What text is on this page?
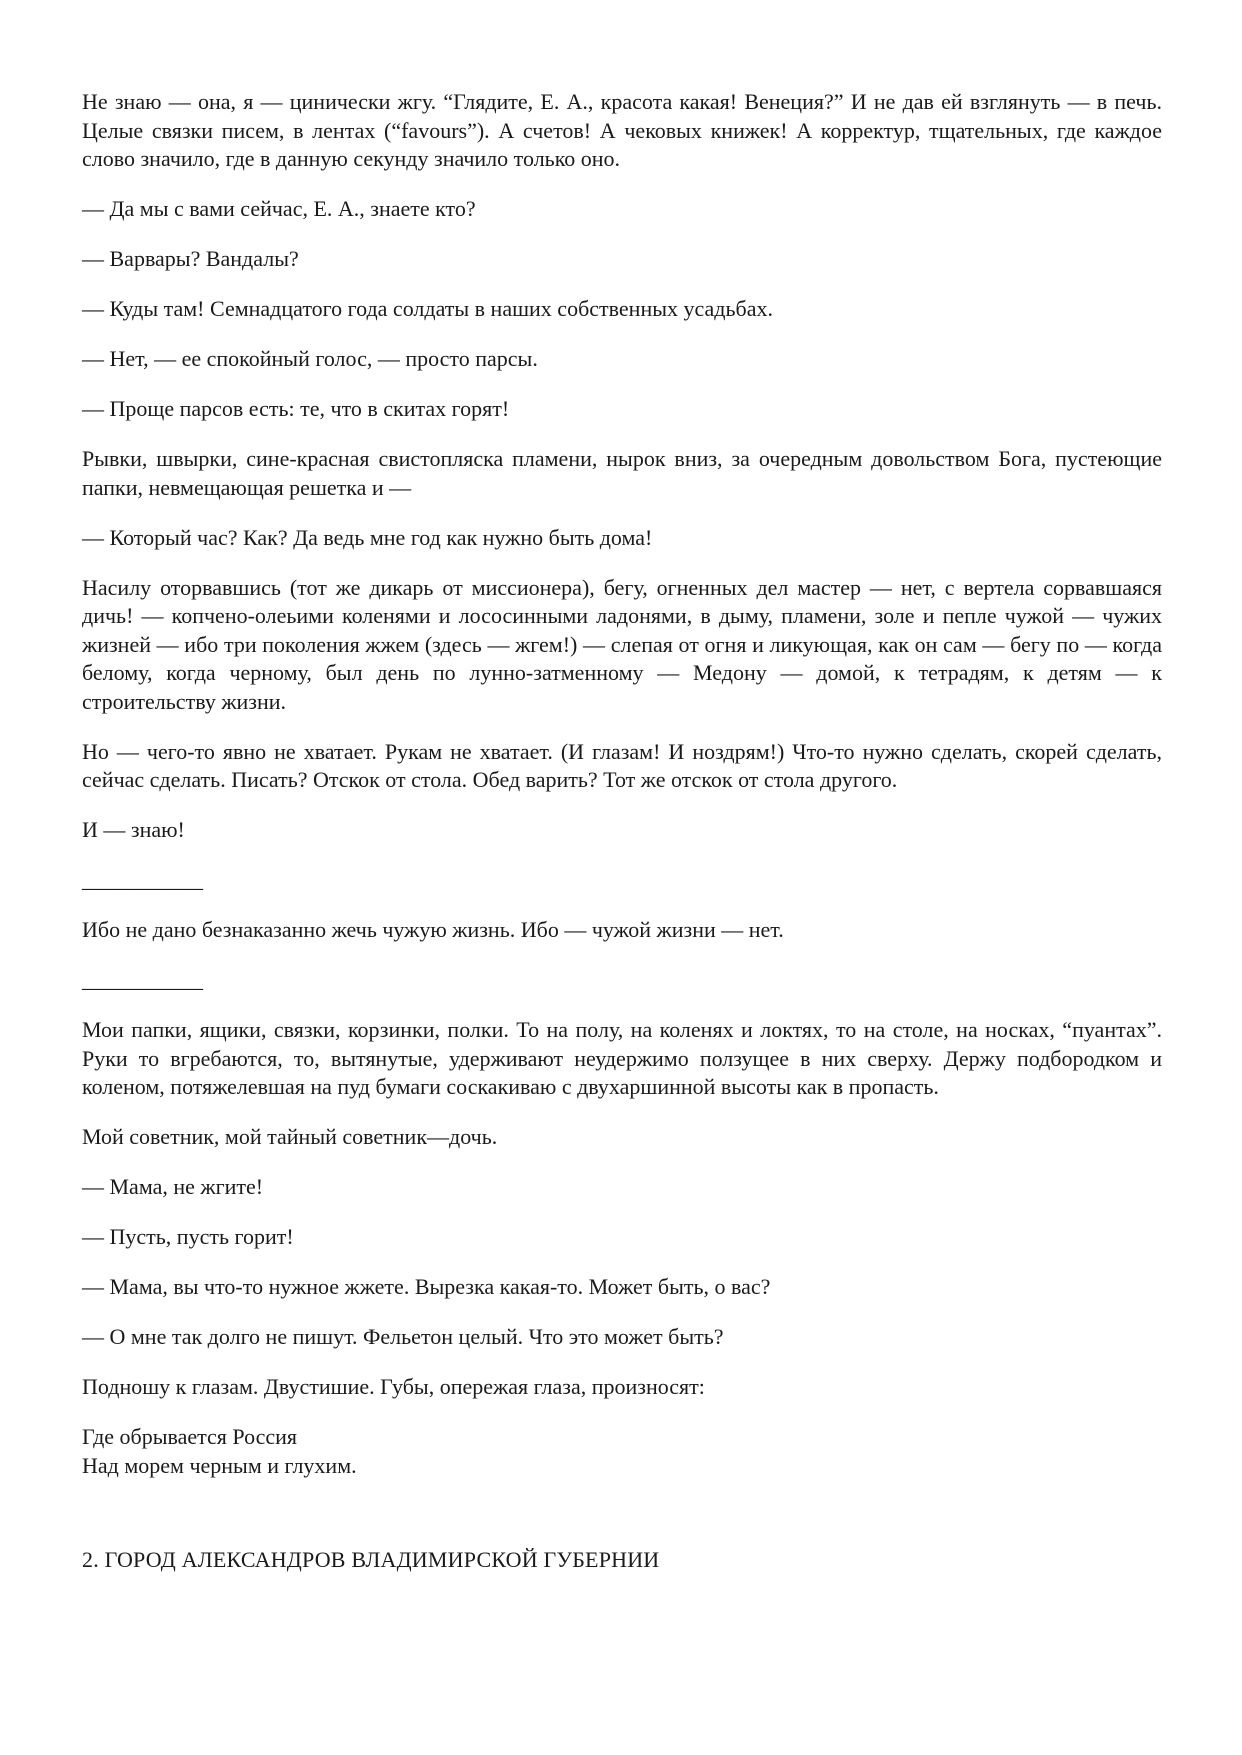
Не знаю — она, я — цинически жгу. “Глядите, Е. А., красота какая! Венеция?” И не дав ей взглянуть — в печь. Целые связки писем, в лентах (“favours”). А счетов! А чековых книжек! А корректур, тщательных, где каждое слово значило, где в данную секунду значило только оно.

— Да мы с вами сейчас, Е. А., знаете кто?

— Варвары? Вандалы?

— Куды там! Семнадцатого года солдаты в наших собственных усадьбах.

— Нет, — ее спокойный голос, — просто парсы.

— Проще парсов есть: те, что в скитах горят!

Рывки, швырки, сине-красная свистопляска пламени, нырок вниз, за очередным довольством Бога, пустеющие папки, невмещающая решетка и —

— Который час? Как? Да ведь мне год как нужно быть дома!

Насилу оторвавшись (тот же дикарь от миссионера), бегу, огненных дел мастер — нет, с вертела сорвавшаяся дичь! — копчено-олеьими коленями и лососинными ладонями, в дыму, пламени, золе и пепле чужой — чужих жизней — ибо три поколения жжем (здесь — жгем!) — слепая от огня и ликующая, как он сам — бегу по — когда белому, когда черному, был день по лунно-затменному — Медону — домой, к тетрадям, к детям — к строительству жизни.

Но — чего-то явно не хватает. Рукам не хватает. (И глазам! И ноздрям!) Что-то нужно сделать, скорей сделать, сейчас сделать. Писать? Отскок от стола. Обед варить? Тот же отскок от стола другого.

И — знаю!

___________

Ибо не дано безнаказанно жечь чужую жизнь. Ибо — чужой жизни — нет.

___________

Мои папки, ящики, связки, корзинки, полки. То на полу, на коленях и локтях, то на столе, на носках, “пуантах”. Руки то вгребаются, то, вытянутые, удерживают неудержимо ползущее в них сверху. Держу подбородком и коленом, потяжелевшая на пуд бумаги соскакиваю с двухаршинной высоты как в пропасть.

Мой советник, мой тайный советник—дочь.

— Мама, не жгите!

— Пусть, пусть горит!

— Мама, вы что-то нужное жжете. Вырезка какая-то. Может быть, о вас?

— О мне так долго не пишут. Фельетон целый. Что это может быть?

Подношу к глазам. Двустишие. Губы, опережая глаза, произносят:

Где обрывается Россия

Над морем черным и глухим.

2. ГОРОД АЛЕКСАНДРОВ ВЛАДИМИРСКОЙ ГУБЕРНИИ
